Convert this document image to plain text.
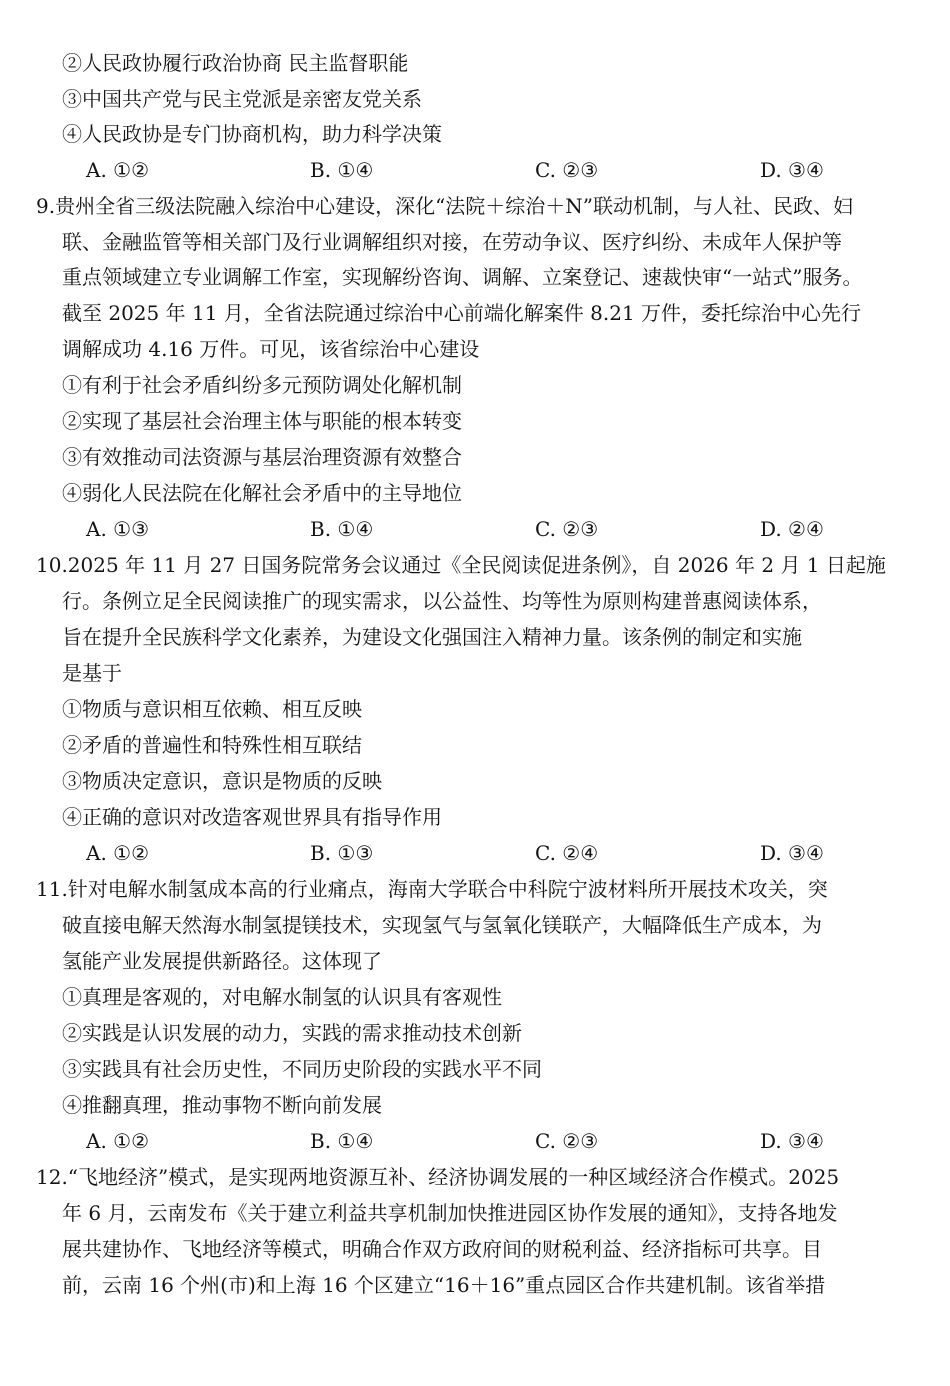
②人民政协履行政治协商 民主监督职能
③中国共产党与民主党派是亲密友党关系
④人民政协是专门协商机构，助力科学决策
A. ①②	B. ①④	C. ②③	D. ③④
9.贵州全省三级法院融入综治中心建设，深化“法院＋综治＋N”联动机制，与人社、民政、妇
联、金融监管等相关部门及行业调解组织对接，在劳动争议、医疗纠纷、未成年人保护等
重点领域建立专业调解工作室，实现解纷咨询、调解、立案登记、速裁快审“一站式”服务。
截至 2025 年 11 月，全省法院通过综治中心前端化解案件 8.21 万件，委托综治中心先行
调解成功 4.16 万件。可见，该省综治中心建设
①有利于社会矛盾纠纷多元预防调处化解机制
②实现了基层社会治理主体与职能的根本转变
③有效推动司法资源与基层治理资源有效整合
④弱化人民法院在化解社会矛盾中的主导地位
A. ①③	B. ①④	C. ②③	D. ②④
10.2025 年 11 月 27 日国务院常务会议通过《全民阅读促进条例》，自 2026 年 2 月 1 日起施
行。条例立足全民阅读推广的现实需求，以公益性、均等性为原则构建普惠阅读体系，
旨在提升全民族科学文化素养，为建设文化强国注入精神力量。该条例的制定和实施
是基于
①物质与意识相互依赖、相互反映
②矛盾的普遍性和特殊性相互联结
③物质决定意识，意识是物质的反映
④正确的意识对改造客观世界具有指导作用
A. ①②	B. ①③	C. ②④	D. ③④
11.针对电解水制氢成本高的行业痛点，海南大学联合中科院宁波材料所开展技术攻关，突
破直接电解天然海水制氢提镁技术，实现氢气与氢氧化镁联产，大幅降低生产成本，为
氢能产业发展提供新路径。这体现了
①真理是客观的，对电解水制氢的认识具有客观性
②实践是认识发展的动力，实践的需求推动技术创新
③实践具有社会历史性，不同历史阶段的实践水平不同
④推翻真理，推动事物不断向前发展
A. ①②	B. ①④	C. ②③	D. ③④
12.“飞地经济”模式，是实现两地资源互补、经济协调发展的一种区域经济合作模式。2025
年 6 月，云南发布《关于建立利益共享机制加快推进园区协作发展的通知》，支持各地发
展共建协作、飞地经济等模式，明确合作双方政府间的财税利益、经济指标可共享。目
前，云南 16 个州(市)和上海 16 个区建立“16＋16”重点园区合作共建机制。该省举措
